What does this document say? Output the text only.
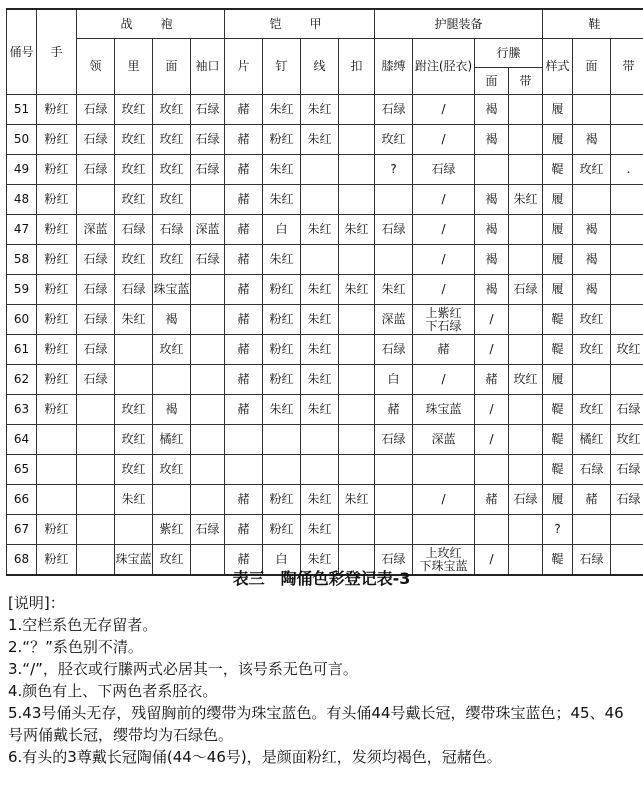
俑号	手	战　袍				铠　甲				护腿装备				鞋		
		领	里	面	袖口	片	钉	线	扣	膝缚	跗注(胫衣)	行縢		样式	面	带
												面	带			
51	粉红	石绿	玫红	玫红	石绿	赭	朱红	朱红		石绿	/	褐		履		
50	粉红	石绿	玫红	玫红	石绿	赭	粉红	朱红		玫红	/	褐		履	褐	
49	粉红	石绿	玫红	玫红	石绿	赭	朱红			?	石绿			鞮	玫红	.
48	粉红		玫红	玫红		赭	朱红				/	褐	朱红	履		
47	粉红	深蓝	石绿	石绿	深蓝	赭	白	朱红	朱红	石绿	/	褐		履	褐	
58	粉红	石绿	玫红	玫红	石绿	赭	朱红				/	褐		履	褐	
59	粉红	石绿	石绿	珠宝蓝		赭	粉红	朱红	朱红	朱红	/	褐	石绿	履	褐	
60	粉红	石绿	朱红	褐		赭	粉红	朱红		深蓝	上紫红
下石绿	/		鞮	玫红	
61	粉红	石绿		玫红		赭	粉红	朱红		石绿	赭	/		鞮	玫红	玫红
62	粉红	石绿				赭	粉红	朱红		白	/	赭	玫红	履		
63	粉红		玫红	褐		赭	朱红	朱红		赭	珠宝蓝	/		鞮	玫红	石绿
64			玫红	橘红						石绿	深蓝	/		鞮	橘红	玫红
65			玫红	玫红										鞮	石绿	石绿
66			朱红			赭	粉红	朱红	朱红		/	赭	石绿	履	赭	石绿
67	粉红			紫红	石绿	赭	粉红	朱红						?		
68	粉红		珠宝蓝	玫红		赭	白	朱红		石绿	上玫红
下珠宝蓝	/		鞮	石绿	
表三　陶俑色彩登记表-3
[说明]：
1.空栏系色无存留者。
2.“？”系色别不清。
3.“/”，胫衣或行縢两式必居其一，该号系无色可言。
4.颜色有上、下两色者系胫衣。
5.43号俑头无存，残留胸前的缨带为珠宝蓝色。有头俑44号戴长冠，缨带珠宝蓝色；45、46号两俑戴长冠，缨带均为石绿色。
6.有头的3尊戴长冠陶俑(44～46号)，是颜面粉红，发须均褐色，冠赭色。
